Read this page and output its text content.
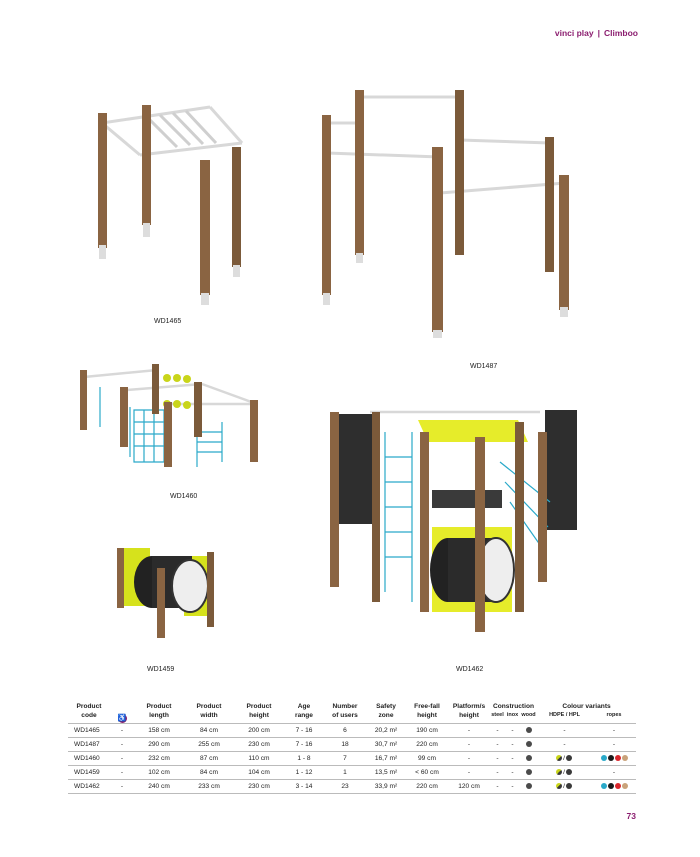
vinci play | Climboo
WD1465
WD1487
WD1460
WD1459	WD1462
Product	♿	Product	Product	Product	Age	Number	Safety	Free-fall	Platform/s	Construction			Colour variants	
code		length	width	height	range	of users	zone	height	height	steel	inox	wood	HDPE / HPL	ropes
WD1465	-	158 cm	84 cm	200 cm	7 - 16	6	20,2 m²	190 cm	-	-	-		-	-
WD1487	-	290 cm	255 cm	230 cm	7 - 16	18	30,7 m²	220 cm	-	-	-		-	-
WD1460	-	232 cm	87 cm	110 cm	1 - 8	7	16,7 m²	99 cm	-	-	-		/	
WD1459	-	102 cm	84 cm	104 cm	1 - 12	1	13,5 m²	< 60 cm	-	-	-		/	-
WD1462	-	240 cm	233 cm	230 cm	3 - 14	23	33,9 m²	220 cm	120 cm	-	-		/	
73
